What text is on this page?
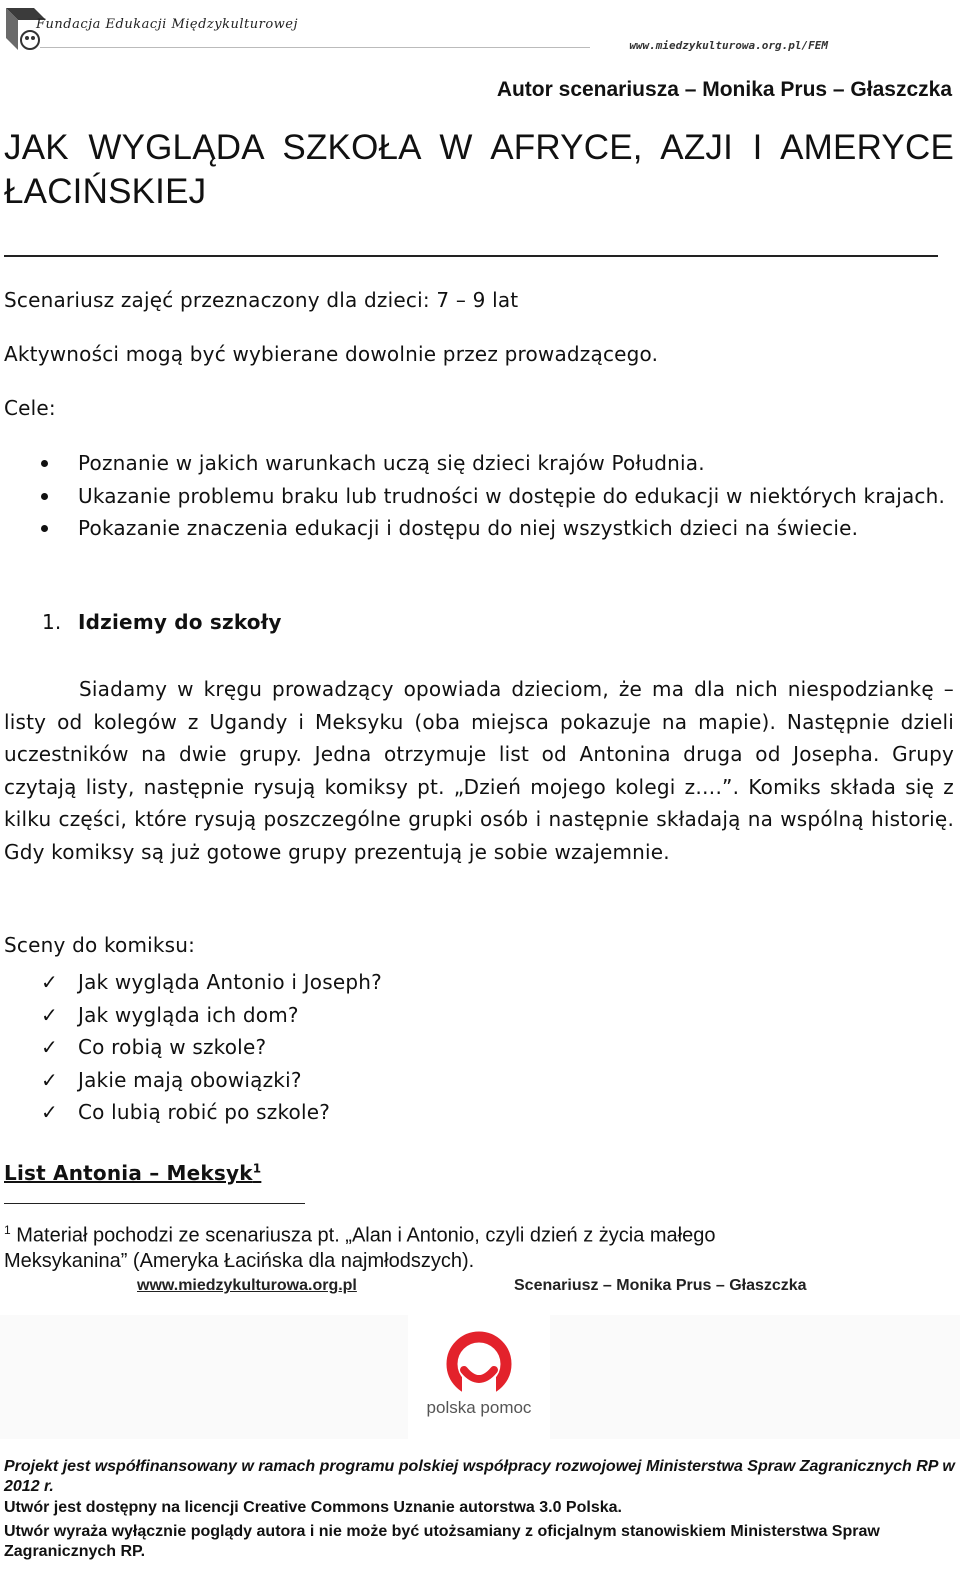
Fundacja Edukacji Międzykulturowej
www.miedzykulturowa.org.pl/FEM
Autor scenariusza – Monika Prus – Głaszczka
JAK WYGLĄDA SZKOŁA W AFRYCE, AZJI I AMERYCE ŁACIŃSKIEJ
Scenariusz zajęć przeznaczony dla dzieci: 7 – 9 lat
Aktywności mogą być wybierane dowolnie przez prowadzącego.
Cele:
Poznanie w jakich warunkach uczą się dzieci krajów Południa.
Ukazanie problemu braku lub trudności w dostępie do edukacji w niektórych krajach.
Pokazanie znaczenia edukacji i dostępu do niej wszystkich dzieci na świecie.
1. Idziemy do szkoły
Siadamy w kręgu prowadzący opowiada dzieciom, że ma dla nich niespodziankę – listy od kolegów z Ugandy i Meksyku (oba miejsca pokazuje na mapie). Następnie dzieli uczestników na dwie grupy. Jedna otrzymuje list od Antonina druga od Josepha. Grupy czytają listy, następnie rysują komiksy pt. „Dzień mojego kolegi z….”. Komiks składa się z kilku części, które rysują poszczególne grupki osób i następnie składają na wspólną historię. Gdy komiksy są już gotowe grupy prezentują je sobie wzajemnie.
Sceny do komiksu:
✓ Jak wygląda Antonio i Joseph?
✓ Jak wygląda ich dom?
✓ Co robią w szkole?
✓ Jakie mają obowiązki?
✓ Co lubią robić po szkole?
List Antonia – Meksyk$^1$
$^1$ Materiał pochodzi ze scenariusza pt. „Alan i Antonio, czyli dzień z życia małego Meksykanina” (Ameryka Łacińska dla najmłodszych).
www.miedzykulturowa.org.pl	Scenariusz – Monika Prus – Głaszczka
polska pomoc
Projekt jest współfinansowany w ramach programu polskiej współpracy rozwojowej Ministerstwa Spraw Zagranicznych RP w 2012 r.
Utwór jest dostępny na licencji Creative Commons Uznanie autorstwa 3.0 Polska.
Utwór wyraża wyłącznie poglądy autora i nie może być utożsamiany z oficjalnym stanowiskiem Ministerstwa Spraw Zagranicznych RP.
